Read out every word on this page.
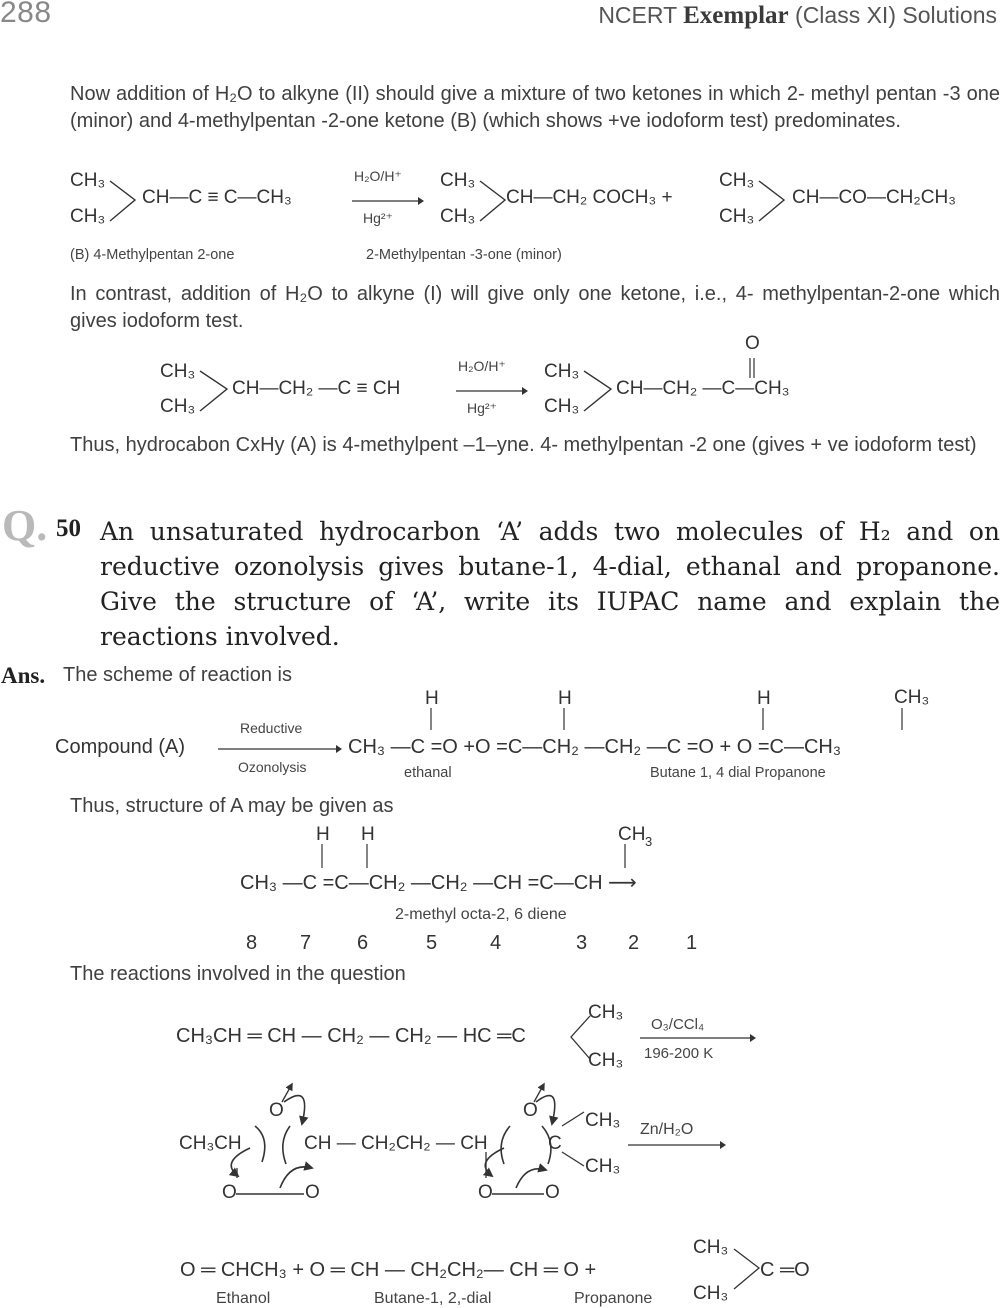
288	NCERT Exemplar (Class XI) Solutions
Now addition of H₂O to alkyne (II) should give a mixture of two ketones in which 2- methyl pentan -3 one (minor) and 4-methylpentan -2-one ketone (B) (which shows +ve iodoform test) predominates.
CH₃
CH₃
CH—C ≡ C—CH₃
H₂O/H⁺
Hg²⁺
CH₃
CH₃
CH—CH₂ COCH₃ +
CH₃
CH₃
CH—CO—CH₂CH₃
(B) 4-Methylpentan 2-one	2-Methylpentan -3-one (minor)
In contrast, addition of H₂O to alkyne (I) will give only one ketone, i.e., 4- methylpentan-2-one which gives iodoform test.
CH₃
CH₃
CH—CH₂ —C ≡ CH
H₂O/H⁺
Hg²⁺
CH₃
CH₃
CH—CH₂ —C—CH₃
O
Thus, hydrocabon CxHy (A) is 4-methylpent –1–yne. 4- methylpentan -2 one (gives + ve iodoform test)
Q. 50 An unsaturated hydrocarbon ‘A’ adds two molecules of H₂ and on reductive ozonolysis gives butane-1, 4-dial, ethanal and propanone. Give the structure of ‘A’, write its IUPAC name and explain the reactions involved.
Ans. The scheme of reaction is
Compound (A)
Reductive
Ozonolysis
CH₃ —C =O +O =C—CH₂ —CH₂ —C =O + O =C—CH₃
H	H	H	CH₃
ethanal	Butane 1, 4 dial Propanone
Thus, structure of A may be given as
H H	CH 3
CH₃ —C =C—CH₂ —CH₂ —CH =C—CH ⟶
2-methyl octa-2, 6 diene
8 7 6	5	4	3 2 1
The reactions involved in the question
CH₃CH ═ CH — CH₂ — CH₂ — HC ═C
CH₃
CH₃
O₃/CCl₄
196-200 K
CH₃CH	CH — CH₂CH₂ — CH	C
O
O	O
O
O	O
CH₃
CH₃
Zn/H₂O
O ═ CHCH₃ + O ═ CH — CH₂CH₂— CH ═ O +
CH₃
CH₃
C ═O
Ethanol	Butane-1, 2,-dial	Propanone
